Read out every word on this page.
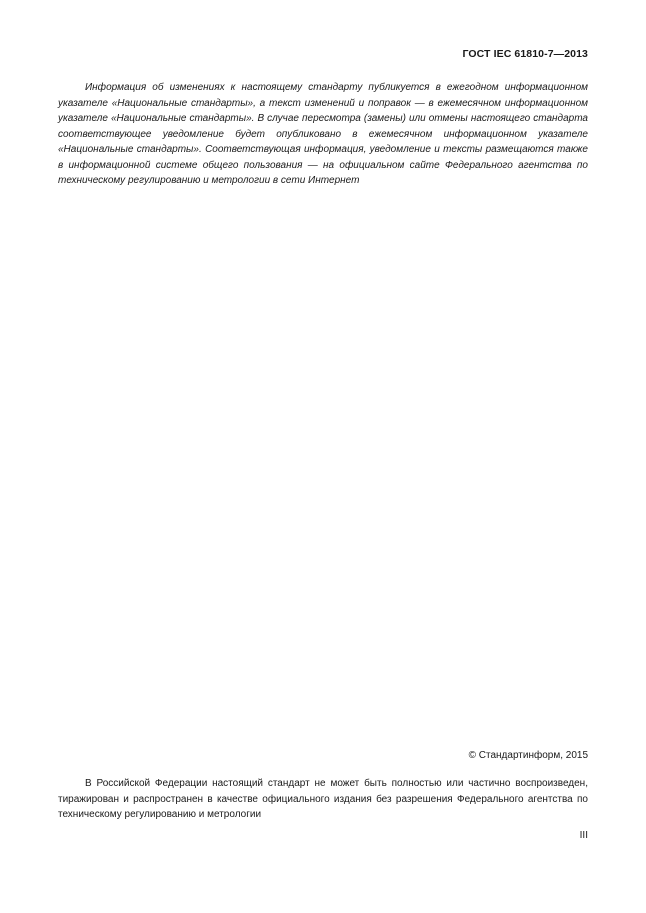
ГОСТ IEC 61810-7—2013

Информация об изменениях к настоящему стандарту публикуется в ежегодном информационном указателе «Национальные стандарты», а текст изменений и поправок — в ежемесячном информационном указателе «Национальные стандарты». В случае пересмотра (замены) или отмены настоящего стандарта соответствующее уведомление будет опубликовано в ежемесячном информационном указателе «Национальные стандарты». Соответствующая информация, уведомление и тексты размещаются также в информационной системе общего пользования — на официальном сайте Федерального агентства по техническому регулированию и метрологии в сети Интернет

© Стандартинформ, 2015

В Российской Федерации настоящий стандарт не может быть полностью или частично воспроизведен, тиражирован и распространен в качестве официального издания без разрешения Федерального агентства по техническому регулированию и метрологии

III
